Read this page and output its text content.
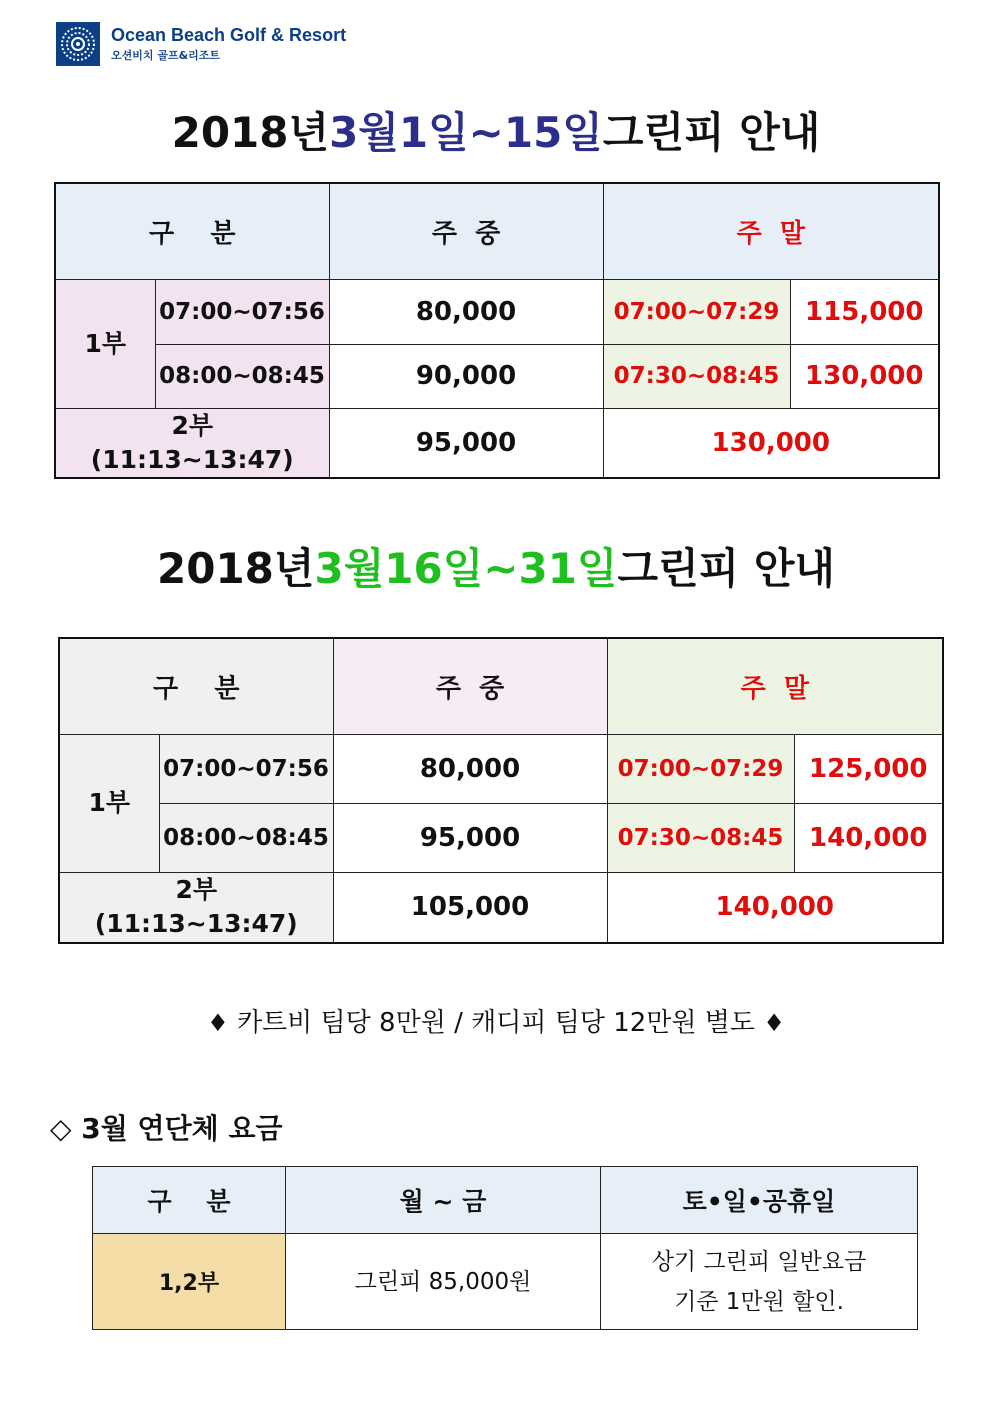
Ocean Beach Golf & Resort
오션비치 골프&리조트
2018년3월1일~15일그린피 안내
구    분		주  중	주  말	
1부	07:00~07:56	80,000	07:00~07:29	115,000
	08:00~08:45	90,000	07:30~08:45	130,000

2부
(11:13~13:47)		95,000	130,000	
2018년3월16일~31일그린피 안내
구    분		주  중	주  말	
1부	07:00~07:56	80,000	07:00~07:29	125,000
	08:00~08:45	95,000	07:30~08:45	140,000

2부
(11:13~13:47)		105,000	140,000	
♦ 카트비 팀당 8만원 / 캐디피 팀당 12만원 별도 ♦
◇ 3월 연단체 요금
구    분	월 ~ 금	토•일•공휴일
1,2부	그린피 85,000원	상기 그린피 일반요금
기준 1만원 할인.
